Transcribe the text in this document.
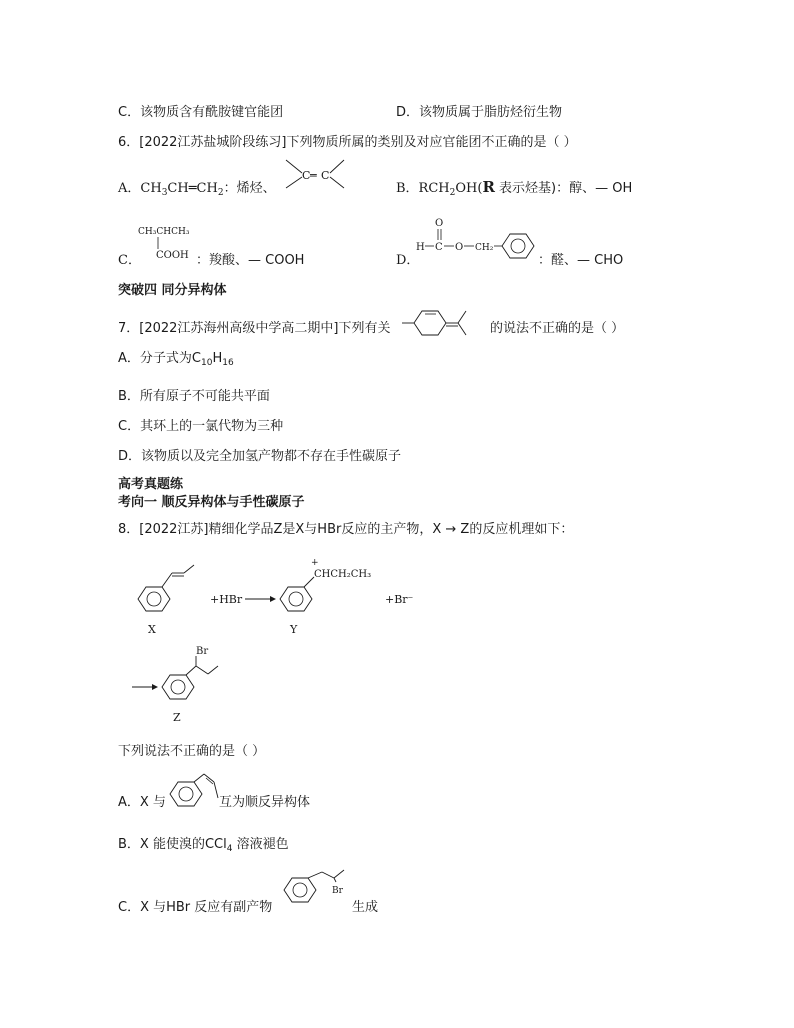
C．该物质含有酰胺键官能团	D．该物质属于脂肪烃衍生物
6．[2022江苏盐城阶段练习]下列物质所属的类别及对应官能团不正确的是（ ）
A．$CH_3CH═CH_2$：烯烃、
C ═ C
B．$RCH_2OH(R$ 表示烃基)：醇、— OH
C．
CH₃CHCH₃
COOH ：羧酸、— COOH	D．
O
H C O CH₂
：醛、— CHO
突破四 同分异构体
7．[2022江苏海州高级中学高二期中]下列有关	的说法不正确的是（ ）
A．分子式为$C_{10}H_{16}$
B．所有原子不可能共平面
C．其环上的一氯代物为三种
D．该物质以及完全加氢产物都不存在手性碳原子
高考真题练
考向一 顺反异构体与手性碳原子
8．[2022江苏]精细化学品Z是X与HBr反应的主产物，X → Z的反应机理如下：
X
+HBr
+
CHCH₂CH₃
Y
+Br⁻
Br
Z
下列说法不正确的是（ ）
A．X 与	互为顺反异构体
B．X 能使溴的CCl$_4$ 溶液褪色
C．X 与HBr 反应有副产物
Br
生成
